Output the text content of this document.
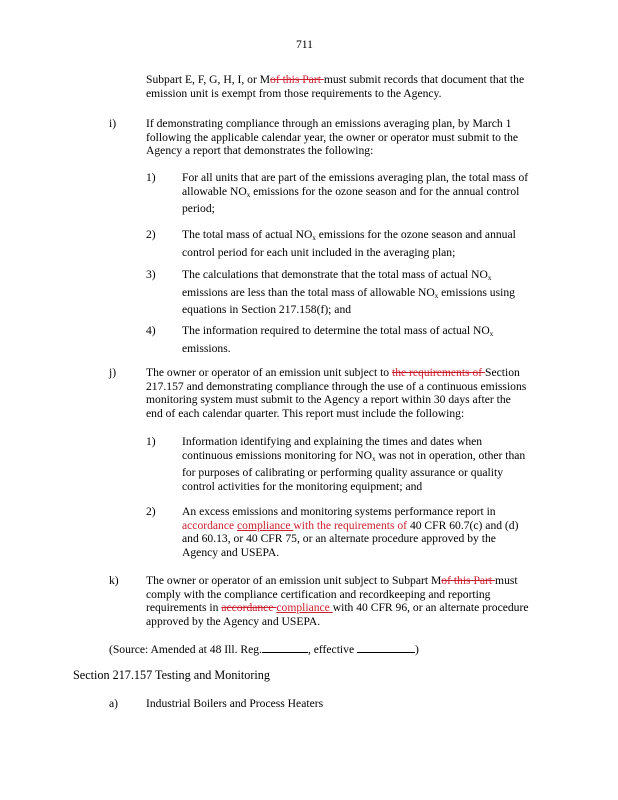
711

Subpart E, F, G, H, I, or Mof this Part must submit records that document that the

emission unit is exempt from those requirements to the Agency.

i)	If demonstrating compliance through an emissions averaging plan, by March 1

following the applicable calendar year, the owner or operator must submit to the

Agency a report that demonstrates the following:

1) For all units that are part of the emissions averaging plan, the total mass of

allowable $NO_x$ emissions for the ozone season and for the annual control

period;

2) The total mass of actual $NO_x$ emissions for the ozone season and annual

control period for each unit included in the averaging plan;

3) The calculations that demonstrate that the total mass of actual $NO_x$

emissions are less than the total mass of allowable $NO_x$ emissions using

equations in Section 217.158(f); and

4) The information required to determine the total mass of actual $NO_x$

emissions.

j)	The owner or operator of an emission unit subject to the requirements of Section

217.157 and demonstrating compliance through the use of a continuous emissions

monitoring system must submit to the Agency a report within 30 days after the

end of each calendar quarter. This report must include the following:

1) Information identifying and explaining the times and dates when

continuous emissions monitoring for $NO_x$ was not in operation, other than

for purposes of calibrating or performing quality assurance or quality

control activities for the monitoring equipment; and

2) An excess emissions and monitoring systems performance report in

accordance compliance with the requirements of 40 CFR 60.7(c) and (d)

and 60.13, or 40 CFR 75, or an alternate procedure approved by the

Agency and USEPA.

k) The owner or operator of an emission unit subject to Subpart Mof this Part must

comply with the compliance certification and recordkeeping and reporting

requirements in accordance compliance with 40 CFR 96, or an alternate procedure

approved by the Agency and USEPA.

(Source: Amended at 48 Ill. Reg.	, effective	)
Section 217.157 Testing and Monitoring
a) Industrial Boilers and Process Heaters
